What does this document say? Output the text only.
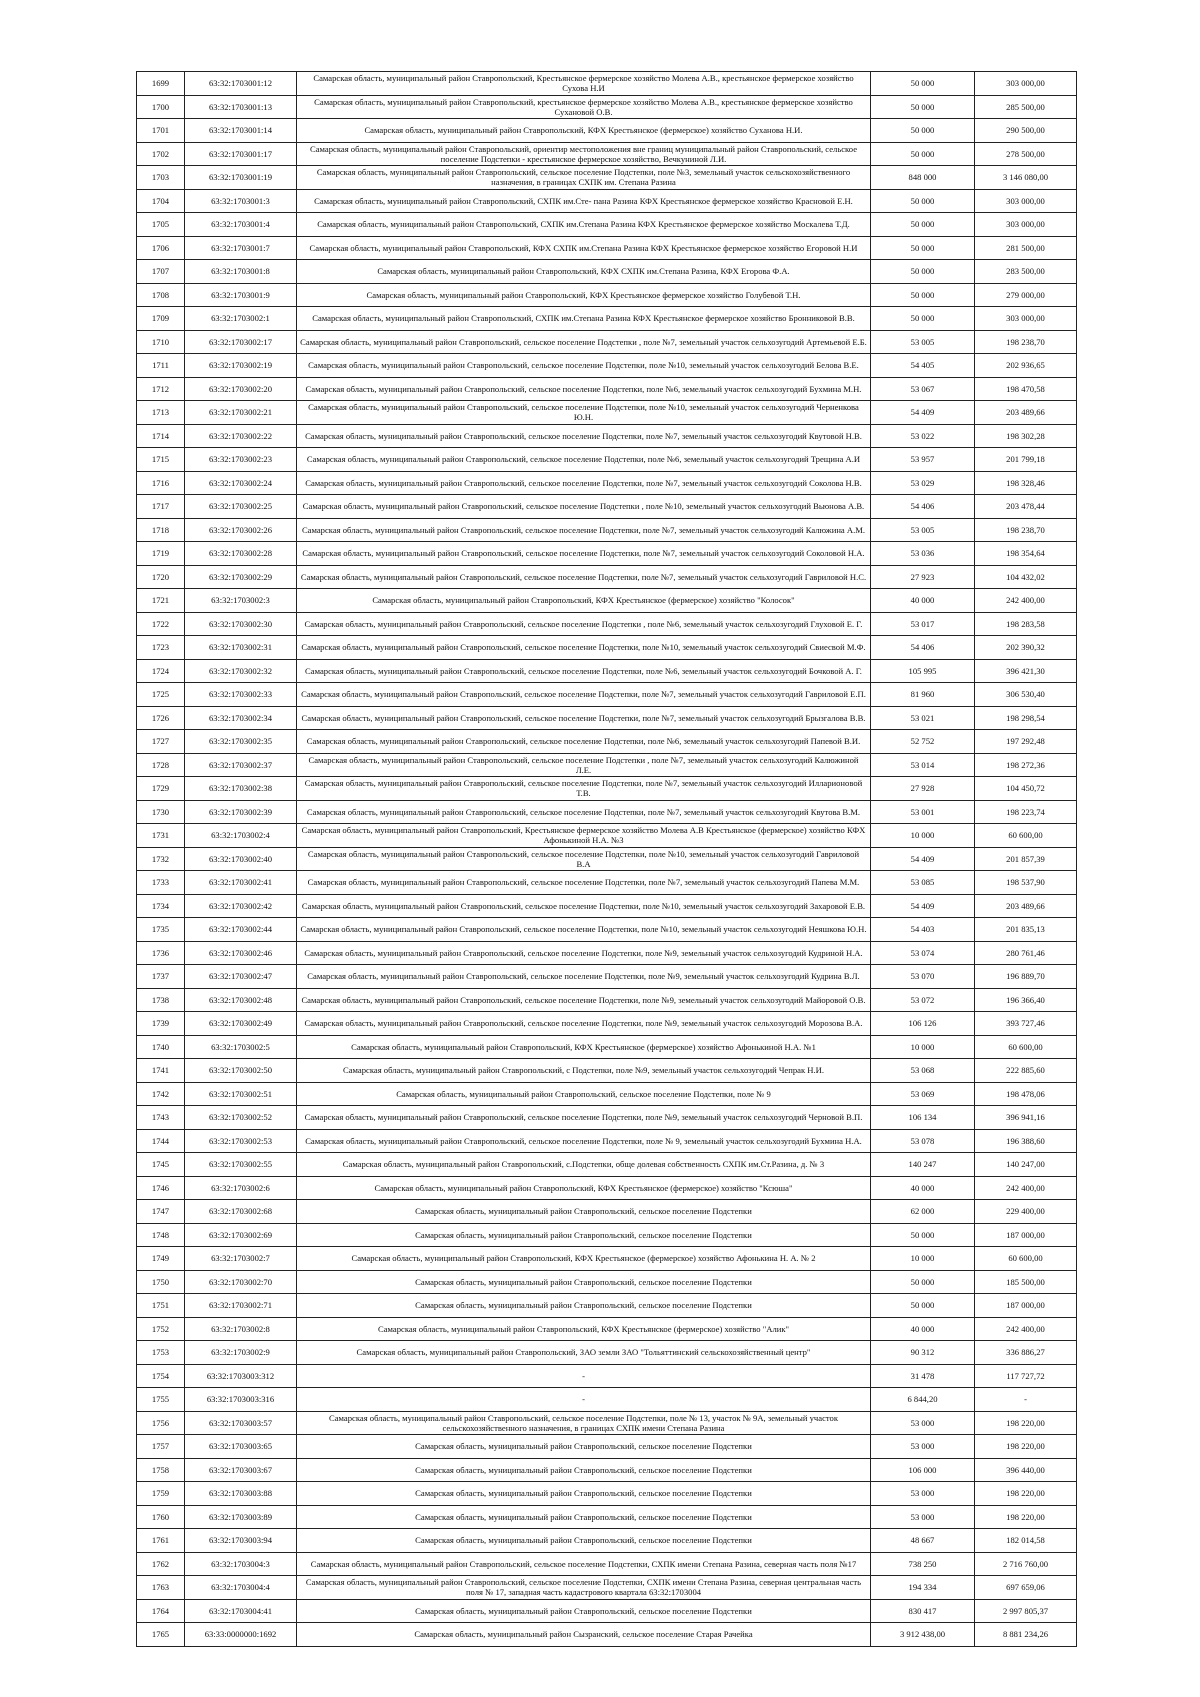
1699	63:32:1703001:12	Самарская область, муниципальный район Ставропольский, Крестьянское фермерское хозяйство Молева А.В., крестьянское фермерское хозяйство Сухова Н.И	50 000	303 000,00
1700	63:32:1703001:13	Самарская область, муниципальный район Ставропольский, крестьянское фермерское хозяйство Молева А.В., крестьянское фермерское хозяйство Сухановой О.В.	50 000	285 500,00
1701	63:32:1703001:14	Самарская область, муниципальный район Ставропольский, КФХ Крестьянское (фермерское) хозяйство Суханова Н.И.	50 000	290 500,00
1702	63:32:1703001:17	Самарская область, муниципальный район Ставропольский, ориентир местоположения вне границ муниципальный район Ставропольский, сельское поселение Подстепки - крестьянское фермерское хозяйство, Вечкуниной Л.И.	50 000	278 500,00
1703	63:32:1703001:19	Самарская область, муниципальный район Ставропольский, сельское поселение Подстепки, поле №3, земельный участок сельскохозяйственного назначения, в границах СХПК им. Степана Разина	848 000	3 146 080,00
1704	63:32:1703001:3	Самарская область, муниципальный район Ставропольский, СХПК им.Сте- пана Разина КФХ Крестьянское фермерское хозяйство Красновой Е.Н.	50 000	303 000,00
1705	63:32:1703001:4	Самарская область, муниципальный район Ставропольский, СХПК им.Степана Разина КФХ Крестьянское фермерское хозяйство Москалева Т.Д.	50 000	303 000,00
1706	63:32:1703001:7	Самарская область, муниципальный район Ставропольский, КФХ СХПК им.Степана Разина КФХ Крестьянское фермерское хозяйство Егоровой Н.И	50 000	281 500,00
1707	63:32:1703001:8	Самарская область, муниципальный район Ставропольский, КФХ СХПК им.Степана Разина, КФХ Егорова Ф.А.	50 000	283 500,00
1708	63:32:1703001:9	Самарская область, муниципальный район Ставропольский, КФХ Крестьянское фермерское хозяйство Голубевой Т.Н.	50 000	279 000,00
1709	63:32:1703002:1	Самарская область, муниципальный район Ставропольский, СХПК им.Степана Разина КФХ Крестьянское фермерское хозяйство Бронниковой В.В.	50 000	303 000,00
1710	63:32:1703002:17	Самарская область, муниципальный район Ставропольский, сельское поселение Подстепки , поле №7, земельный участок сельхозугодий Артемьевой Е.Б.	53 005	198 238,70
1711	63:32:1703002:19	Самарская область, муниципальный район Ставропольский, сельское поселение Подстепки, поле №10, земельный участок сельхозугодий Белова В.Е.	54 405	202 936,65
1712	63:32:1703002:20	Самарская область, муниципальный район Ставропольский, сельское поселение Подстепки, поле №6, земельный участок сельхозугодий Бухмина М.Н.	53 067	198 470,58
1713	63:32:1703002:21	Самарская область, муниципальный район Ставропольский, сельское поселение Подстепки, поле №10, земельный участок сельхозугодий Черненкова Ю.Н.	54 409	203 489,66
1714	63:32:1703002:22	Самарская область, муниципальный район Ставропольский, сельское поселение Подстепки, поле №7, земельный участок сельхозугодий Квутовой Н.В.	53 022	198 302,28
1715	63:32:1703002:23	Самарская область, муниципальный район Ставропольский, сельское поселение Подстепки, поле №6, земельный участок сельхозугодий Трещина А.И	53 957	201 799,18
1716	63:32:1703002:24	Самарская область, муниципальный район Ставропольский, сельское поселение Подстепки, поле №7, земельный участок сельхозугодий Соколова Н.В.	53 029	198 328,46
1717	63:32:1703002:25	Самарская область, муниципальный район Ставропольский, сельское поселение Подстепки , поле №10, земельный участок сельхозугодий Вьюнова А.В.	54 406	203 478,44
1718	63:32:1703002:26	Самарская область, муниципальный район Ставропольский, сельское поселение Подстепки, поле №7, земельный участок сельхозугодий Калюжина А.М.	53 005	198 238,70
1719	63:32:1703002:28	Самарская область, муниципальный район Ставропольский, сельское поселение Подстепки, поле №7, земельный участок сельхозугодий Соколовой Н.А.	53 036	198 354,64
1720	63:32:1703002:29	Самарская область, муниципальный район Ставропольский, сельское поселение Подстепки, поле №7, земельный участок сельхозугодий Гавриловой Н.С.	27 923	104 432,02
1721	63:32:1703002:3	Самарская область, муниципальный район Ставропольский, КФХ Крестьянское (фермерское) хозяйство "Колосок"	40 000	242 400,00
1722	63:32:1703002:30	Самарская область, муниципальный район Ставропольский, сельское поселение Подстепки , поле №6, земельный участок сельхозугодий Глуховой Е. Г.	53 017	198 283,58
1723	63:32:1703002:31	Самарская область, муниципальный район Ставропольский, сельское поселение Подстепки, поле №10, земельный участок сельхозугодий Свиесвой М.Ф.	54 406	202 390,32
1724	63:32:1703002:32	Самарская область, муниципальный район Ставропольский, сельское поселение Подстепки, поле №6, земельный участок сельхозугодий Бочковой А. Г.	105 995	396 421,30
1725	63:32:1703002:33	Самарская область, муниципальный район Ставропольский, сельское поселение Подстепки, поле №7, земельный участок сельхозугодий Гавриловой Е.П.	81 960	306 530,40
1726	63:32:1703002:34	Самарская область, муниципальный район Ставропольский, сельское поселение Подстепки, поле №7, земельный участок сельхозугодий Брызгалова В.В.	53 021	198 298,54
1727	63:32:1703002:35	Самарская область, муниципальный район Ставропольский, сельское поселение Подстепки, поле №6, земельный участок сельхозугодий Папевой В.И.	52 752	197 292,48
1728	63:32:1703002:37	Самарская область, муниципальный район Ставропольский, сельское поселение Подстепки , поле №7, земельный участок сельхозугодий Калюжиной Л.Е.	53 014	198 272,36
1729	63:32:1703002:38	Самарская область, муниципальный район Ставропольский, сельское поселение Подстепки, поле №7, земельный участок сельхозугодий Илларионовой Т.В.	27 928	104 450,72
1730	63:32:1703002:39	Самарская область, муниципальный район Ставропольский, сельское поселение Подстепки, поле №7, земельный участок сельхозугодий Квутова В.М.	53 001	198 223,74
1731	63:32:1703002:4	Самарская область, муниципальный район Ставропольский, Крестьянское фермерское хозяйство Молева А.В Крестьянское (фермерское) хозяйство КФХ Афонькиной Н.А. №3	10 000	60 600,00
1732	63:32:1703002:40	Самарская область, муниципальный район Ставропольский, сельское поселение Подстепки, поле №10, земельный участок сельхозугодий Гавриловой В.А	54 409	201 857,39
1733	63:32:1703002:41	Самарская область, муниципальный район Ставропольский, сельское поселение Подстепки, поле №7, земельный участок сельхозугодий Папева М.М.	53 085	198 537,90
1734	63:32:1703002:42	Самарская область, муниципальный район Ставропольский, сельское поселение Подстепки, поле №10, земельный участок сельхозугодий Захаровой Е.В.	54 409	203 489,66
1735	63:32:1703002:44	Самарская область, муниципальный район Ставропольский, сельское поселение Подстепки, поле №10, земельный участок сельхозугодий Неяшкова Ю.Н.	54 403	201 835,13
1736	63:32:1703002:46	Самарская область, муниципальный район Ставропольский, сельское поселение Подстепки, поле №9, земельный участок сельхозугодий Кудриной Н.А.	53 074	280 761,46
1737	63:32:1703002:47	Самарская область, муниципальный район Ставропольский, сельское поселение Подстепки, поле №9, земельный участок сельхозугодий Кудрина В.Л.	53 070	196 889,70
1738	63:32:1703002:48	Самарская область, муниципальный район Ставропольский, сельское поселение Подстепки, поле №9, земельный участок сельхозугодий Майоровой О.В.	53 072	196 366,40
1739	63:32:1703002:49	Самарская область, муниципальный район Ставропольский, сельское поселение Подстепки, поле №9, земельный участок сельхозугодий Морозова В.А.	106 126	393 727,46
1740	63:32:1703002:5	Самарская область, муниципальный район Ставропольский, КФХ Крестьянское (фермерское) хозяйство Афонькиной Н.А. №1	10 000	60 600,00
1741	63:32:1703002:50	Самарская область, муниципальный район Ставропольский, с Подстепки, поле №9, земельный участок сельхозугодий Чепрак Н.И.	53 068	222 885,60
1742	63:32:1703002:51	Самарская область, муниципальный район Ставропольский, сельское поселение Подстепки, поле № 9	53 069	198 478,06
1743	63:32:1703002:52	Самарская область, муниципальный район Ставропольский, сельское поселение Подстепки, поле №9, земельный участок сельхозугодий Черновой В.П.	106 134	396 941,16
1744	63:32:1703002:53	Самарская область, муниципальный район Ставропольский, сельское поселение Подстепки, поле № 9, земельный участок сельхозугодий Бухмина Н.А.	53 078	196 388,60
1745	63:32:1703002:55	Самарская область, муниципальный район Ставропольский, с.Подстепки, обще долевая собственность СХПК им.Ст.Разина, д. № 3	140 247	140 247,00
1746	63:32:1703002:6	Самарская область, муниципальный район Ставропольский, КФХ Крестьянское (фермерское) хозяйство "Ксюша"	40 000	242 400,00
1747	63:32:1703002:68	Самарская область, муниципальный район Ставропольский, сельское поселение Подстепки	62 000	229 400,00
1748	63:32:1703002:69	Самарская область, муниципальный район Ставропольский, сельское поселение Подстепки	50 000	187 000,00
1749	63:32:1703002:7	Самарская область, муниципальный район Ставропольский, КФХ Крестьянское (фермерское) хозяйство Афонькина Н. А. № 2	10 000	60 600,00
1750	63:32:1703002:70	Самарская область, муниципальный район Ставропольский, сельское поселение Подстепки	50 000	185 500,00
1751	63:32:1703002:71	Самарская область, муниципальный район Ставропольский, сельское поселение Подстепки	50 000	187 000,00
1752	63:32:1703002:8	Самарская область, муниципальный район Ставропольский, КФХ Крестьянское (фермерское) хозяйство "Алик"	40 000	242 400,00
1753	63:32:1703002:9	Самарская область, муниципальный район Ставропольский, ЗАО земли ЗАО "Тольяттинский сельскохозяйственный центр"	90 312	336 886,27
1754	63:32:1703003:312	-	31 478	117 727,72
1755	63:32:1703003:316	-	6 844,20	-
1756	63:32:1703003:57	Самарская область, муниципальный район Ставропольский, сельское поселение Подстепки, поле № 13, участок № 9А, земельный участок сельскохозяйственного назначения, в границах СХПК имени Степана Разина	53 000	198 220,00
1757	63:32:1703003:65	Самарская область, муниципальный район Ставропольский, сельское поселение Подстепки	53 000	198 220,00
1758	63:32:1703003:67	Самарская область, муниципальный район Ставропольский, сельское поселение Подстепки	106 000	396 440,00
1759	63:32:1703003:88	Самарская область, муниципальный район Ставропольский, сельское поселение Подстепки	53 000	198 220,00
1760	63:32:1703003:89	Самарская область, муниципальный район Ставропольский, сельское поселение Подстепки	53 000	198 220,00
1761	63:32:1703003:94	Самарская область, муниципальный район Ставропольский, сельское поселение Подстепки	48 667	182 014,58
1762	63:32:1703004:3	Самарская область, муниципальный район Ставропольский, сельское поселение Подстепки, СХПК имени Степана Разина, северная часть поля №17	738 250	2 716 760,00
1763	63:32:1703004:4	Самарская область, муниципальный район Ставропольский, сельское поселение Подстепки, СХПК имени Степана Разина, северная центральная часть поля № 17, западная часть кадастрового квартала 63:32:1703004	194 334	697 659,06
1764	63:32:1703004:41	Самарская область, муниципальный район Ставропольский, сельское поселение Подстепки	830 417	2 997 805,37
1765	63:33:0000000:1692	Самарская область, муниципальный район Сызранский, сельское поселение Старая Рачейка	3 912 438,00	8 881 234,26
